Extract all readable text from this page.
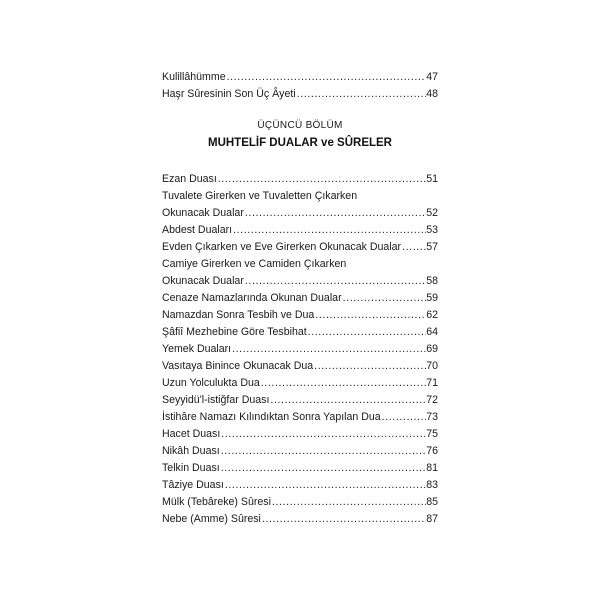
Kulillâhümme .....	47
Haşr Sûresinin Son Üç Âyeti .....	48
ÜÇÜNCÜ BÖLÜM
MUHTELİF DUALAR ve SÛRELER
Ezan Duası .....	51
Tuvalete Girerken ve Tuvaletten Çıkarken
Okunacak Dualar .....	52
Abdest Duaları .....	53
Evden Çıkarken ve Eve Girerken Okunacak Dualar ..... 57
Camiye Girerken ve Camiden Çıkarken
Okunacak Dualar .....	58
Cenaze Namazlarında Okunan Dualar .....	59
Namazdan Sonra Tesbih ve Dua .....	62
Şâfiî Mezhebine Göre Tesbihat .....	64
Yemek Duaları .....	69
Vasıtaya Binince Okunacak Dua .....	70
Uzun Yolculukta Dua .....	71
Seyyidü'l-istiğfar Duası .....	72
İstihâre Namazı Kılındıktan Sonra Yapılan Dua .....	73
Hacet Duası .....	75
Nikâh Duası .....	76
Telkin Duası .....	81
Tâziye Duası .....	83
Mülk (Tebâreke) Sûresi .....	85
Nebe (Amme) Sûresi .....	87
